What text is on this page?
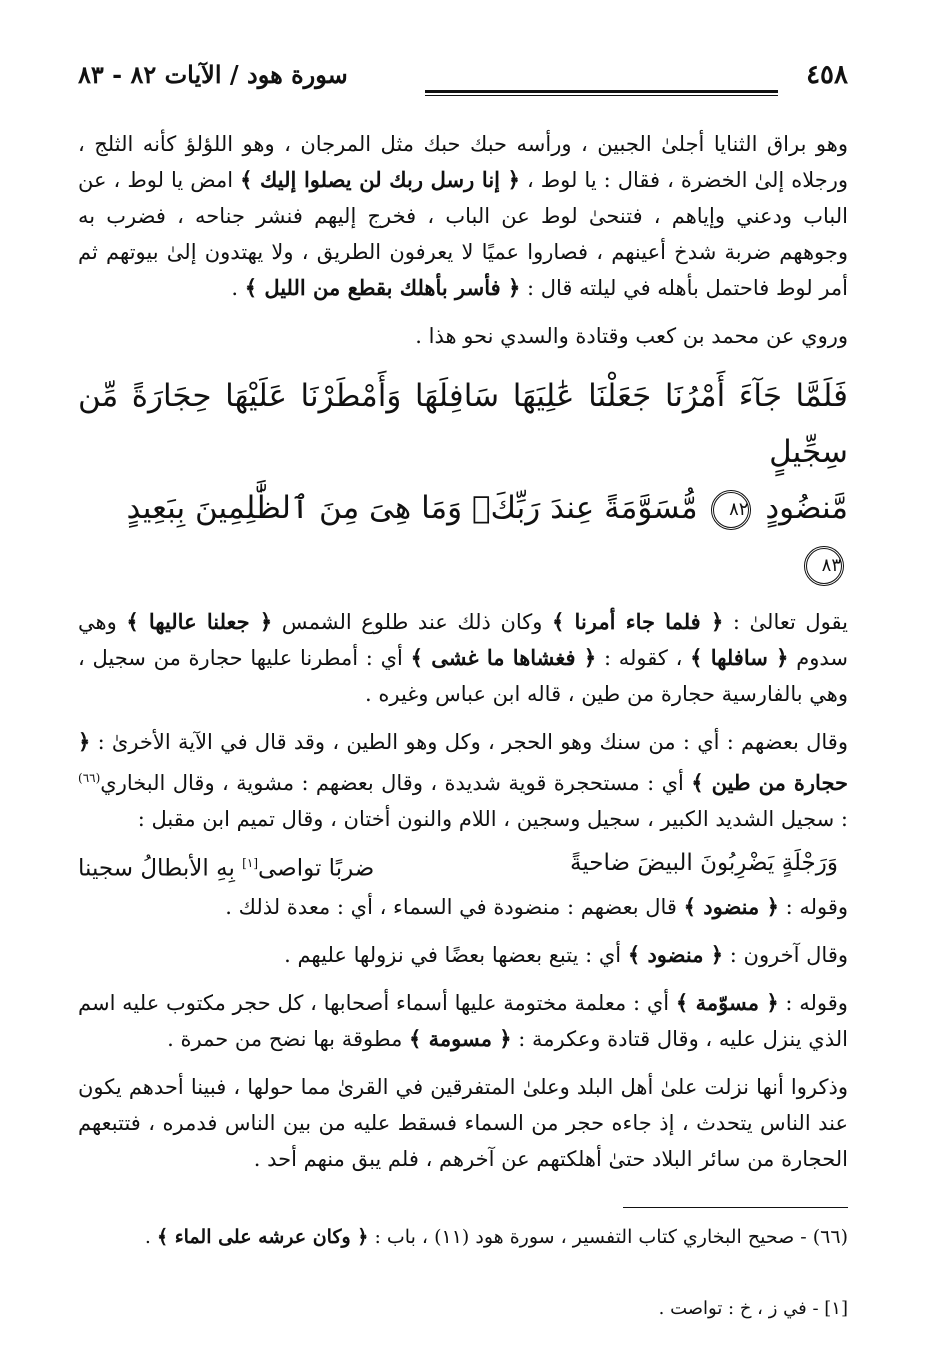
٤٥٨
سورة هود / الآيات ٨٢ - ٨٣
وهو براق الثنايا أجلىٰ الجبين ، ورأسه حبك حبك مثل المرجان ، وهو اللؤلؤ كأنه الثلج ، ورجلاه إلىٰ الخضرة ، فقال : يا لوط ، ﴿ إنا رسل ربك لن يصلوا إليك ﴾ امض يا لوط ، عن الباب ودعني وإياهم ، فتنحىٰ لوط عن الباب ، فخرج إليهم فنشر جناحه ، فضرب به وجوههم ضربة شدخ أعينهم ، فصاروا عميًا لا يعرفون الطريق ، ولا يهتدون إلىٰ بيوتهم ثم أمر لوط فاحتمل بأهله في ليلته قال : ﴿ فأسر بأهلك بقطع من الليل ﴾ .

وروي عن محمد بن كعب وقتادة والسدي نحو هذا .

فَلَمَّا جَآءَ أَمْرُنَا جَعَلْنَا عَٰلِيَهَا سَافِلَهَا وَأَمْطَرْنَا عَلَيْهَا حِجَارَةً مِّن سِجِّيلٍ
مَّنضُودٍ ٨٢ مُّسَوَّمَةً عِندَ رَبِّكَۖ وَمَا هِىَ مِنَ ٱلظَّٰلِمِينَ بِبَعِيدٍ ٨٣
يقول تعالىٰ : ﴿ فلما جاء أمرنا ﴾ وكان ذلك عند طلوع الشمس ﴿ جعلنا عاليها ﴾ وهي سدوم ﴿ سافلها ﴾ ، كقوله : ﴿ فغشاها ما غشى ﴾ أي : أمطرنا عليها حجارة من سجيل ، وهي بالفارسية حجارة من طين ، قاله ابن عباس وغيره .
وقال بعضهم : أي : من سنك وهو الحجر ، وكل وهو الطين ، وقد قال في الآية الأخرىٰ : ﴿ حجارة من طين ﴾ أي : مستحجرة قوية شديدة ، وقال بعضهم : مشوية ، وقال البخاري$^{(٦٦)}$ : سجيل الشديد الكبير ، سجيل وسجين ، اللام والنون أختان ، وقال تميم ابن مقبل :
وَرَجْلَةٍ يَضْرِبُونَ البيضَ ضاحيةً
ضربًا تواصى[١] بِهِ الأبطالُ سجينا
وقوله : ﴿ منضود ﴾ قال بعضهم : منضودة في السماء ، أي : معدة لذلك .
وقال آخرون : ﴿ منضود ﴾ أي : يتبع بعضها بعضًا في نزولها عليهم .
وقوله : ﴿ مسوّمة ﴾ أي : معلمة مختومة عليها أسماء أصحابها ، كل حجر مكتوب عليه اسم الذي ينزل عليه ، وقال قتادة وعكرمة : ﴿ مسومة ﴾ مطوقة بها نضح من حمرة .
وذكروا أنها نزلت علىٰ أهل البلد وعلىٰ المتفرقين في القرىٰ مما حولها ، فبينا أحدهم يكون عند الناس يتحدث ، إذ جاءه حجر من السماء فسقط عليه من بين الناس فدمره ، فتتبعهم الحجارة من سائر البلاد حتىٰ أهلكتهم عن آخرهم ، فلم يبق منهم أحد .
(٦٦) - صحيح البخاري كتاب التفسير ، سورة هود (١١) ، باب : ﴿ وكان عرشه على الماء ﴾ .
[١] - في ز ، خ : تواصت .
